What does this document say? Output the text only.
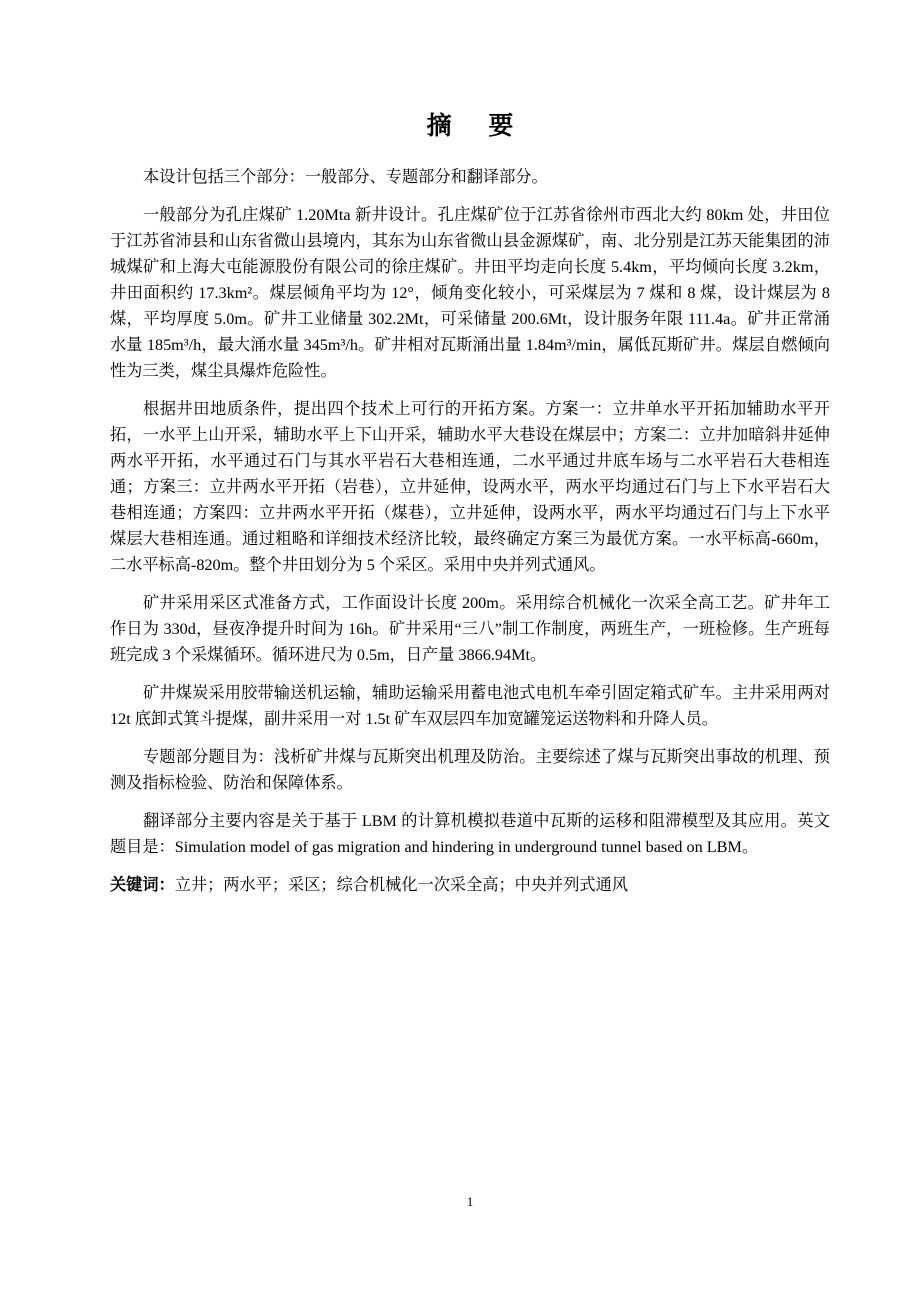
摘 要

本设计包括三个部分：一般部分、专题部分和翻译部分。

一般部分为孔庄煤矿 1.20Mta 新井设计。孔庄煤矿位于江苏省徐州市西北大约 80km 处，井田位于江苏省沛县和山东省微山县境内，其东为山东省微山县金源煤矿，南、北分别是江苏天能集团的沛城煤矿和上海大屯能源股份有限公司的徐庄煤矿。井田平均走向长度 5.4km，平均倾向长度 3.2km，井田面积约 17.3km²。煤层倾角平均为 12°，倾角变化较小，可采煤层为 7 煤和 8 煤，设计煤层为 8 煤，平均厚度 5.0m。矿井工业储量 302.2Mt，可采储量 200.6Mt，设计服务年限 111.4a。矿井正常涌水量 185m³/h，最大涌水量 345m³/h。矿井相对瓦斯涌出量 1.84m³/min，属低瓦斯矿井。煤层自燃倾向性为三类，煤尘具爆炸危险性。

根据井田地质条件，提出四个技术上可行的开拓方案。方案一：立井单水平开拓加辅助水平开拓，一水平上山开采，辅助水平上下山开采，辅助水平大巷设在煤层中；方案二：立井加暗斜井延伸两水平开拓，水平通过石门与其水平岩石大巷相连通，二水平通过井底车场与二水平岩石大巷相连通；方案三：立井两水平开拓（岩巷），立井延伸，设两水平，两水平均通过石门与上下水平岩石大巷相连通；方案四：立井两水平开拓（煤巷），立井延伸，设两水平，两水平均通过石门与上下水平煤层大巷相连通。通过粗略和详细技术经济比较，最终确定方案三为最优方案。一水平标高-660m，二水平标高-820m。整个井田划分为 5 个采区。采用中央并列式通风。

矿井采用采区式准备方式，工作面设计长度 200m。采用综合机械化一次采全高工艺。矿井年工作日为 330d，昼夜净提升时间为 16h。矿井采用“三八”制工作制度，两班生产，一班检修。生产班每班完成 3 个采煤循环。循环进尺为 0.5m，日产量 3866.94Mt。

矿井煤炭采用胶带输送机运输，辅助运输采用蓄电池式电机车牵引固定箱式矿车。主井采用两对 12t 底卸式箕斗提煤，副井采用一对 1.5t 矿车双层四车加宽罐笼运送物料和升降人员。

专题部分题目为：浅析矿井煤与瓦斯突出机理及防治。主要综述了煤与瓦斯突出事故的机理、预测及指标检验、防治和保障体系。

翻译部分主要内容是关于基于 LBM 的计算机模拟巷道中瓦斯的运移和阻滞模型及其应用。英文题目是：Simulation model of gas migration and hindering in underground tunnel based on LBM。

关键词：立井；两水平；采区；综合机械化一次采全高；中央并列式通风

1
